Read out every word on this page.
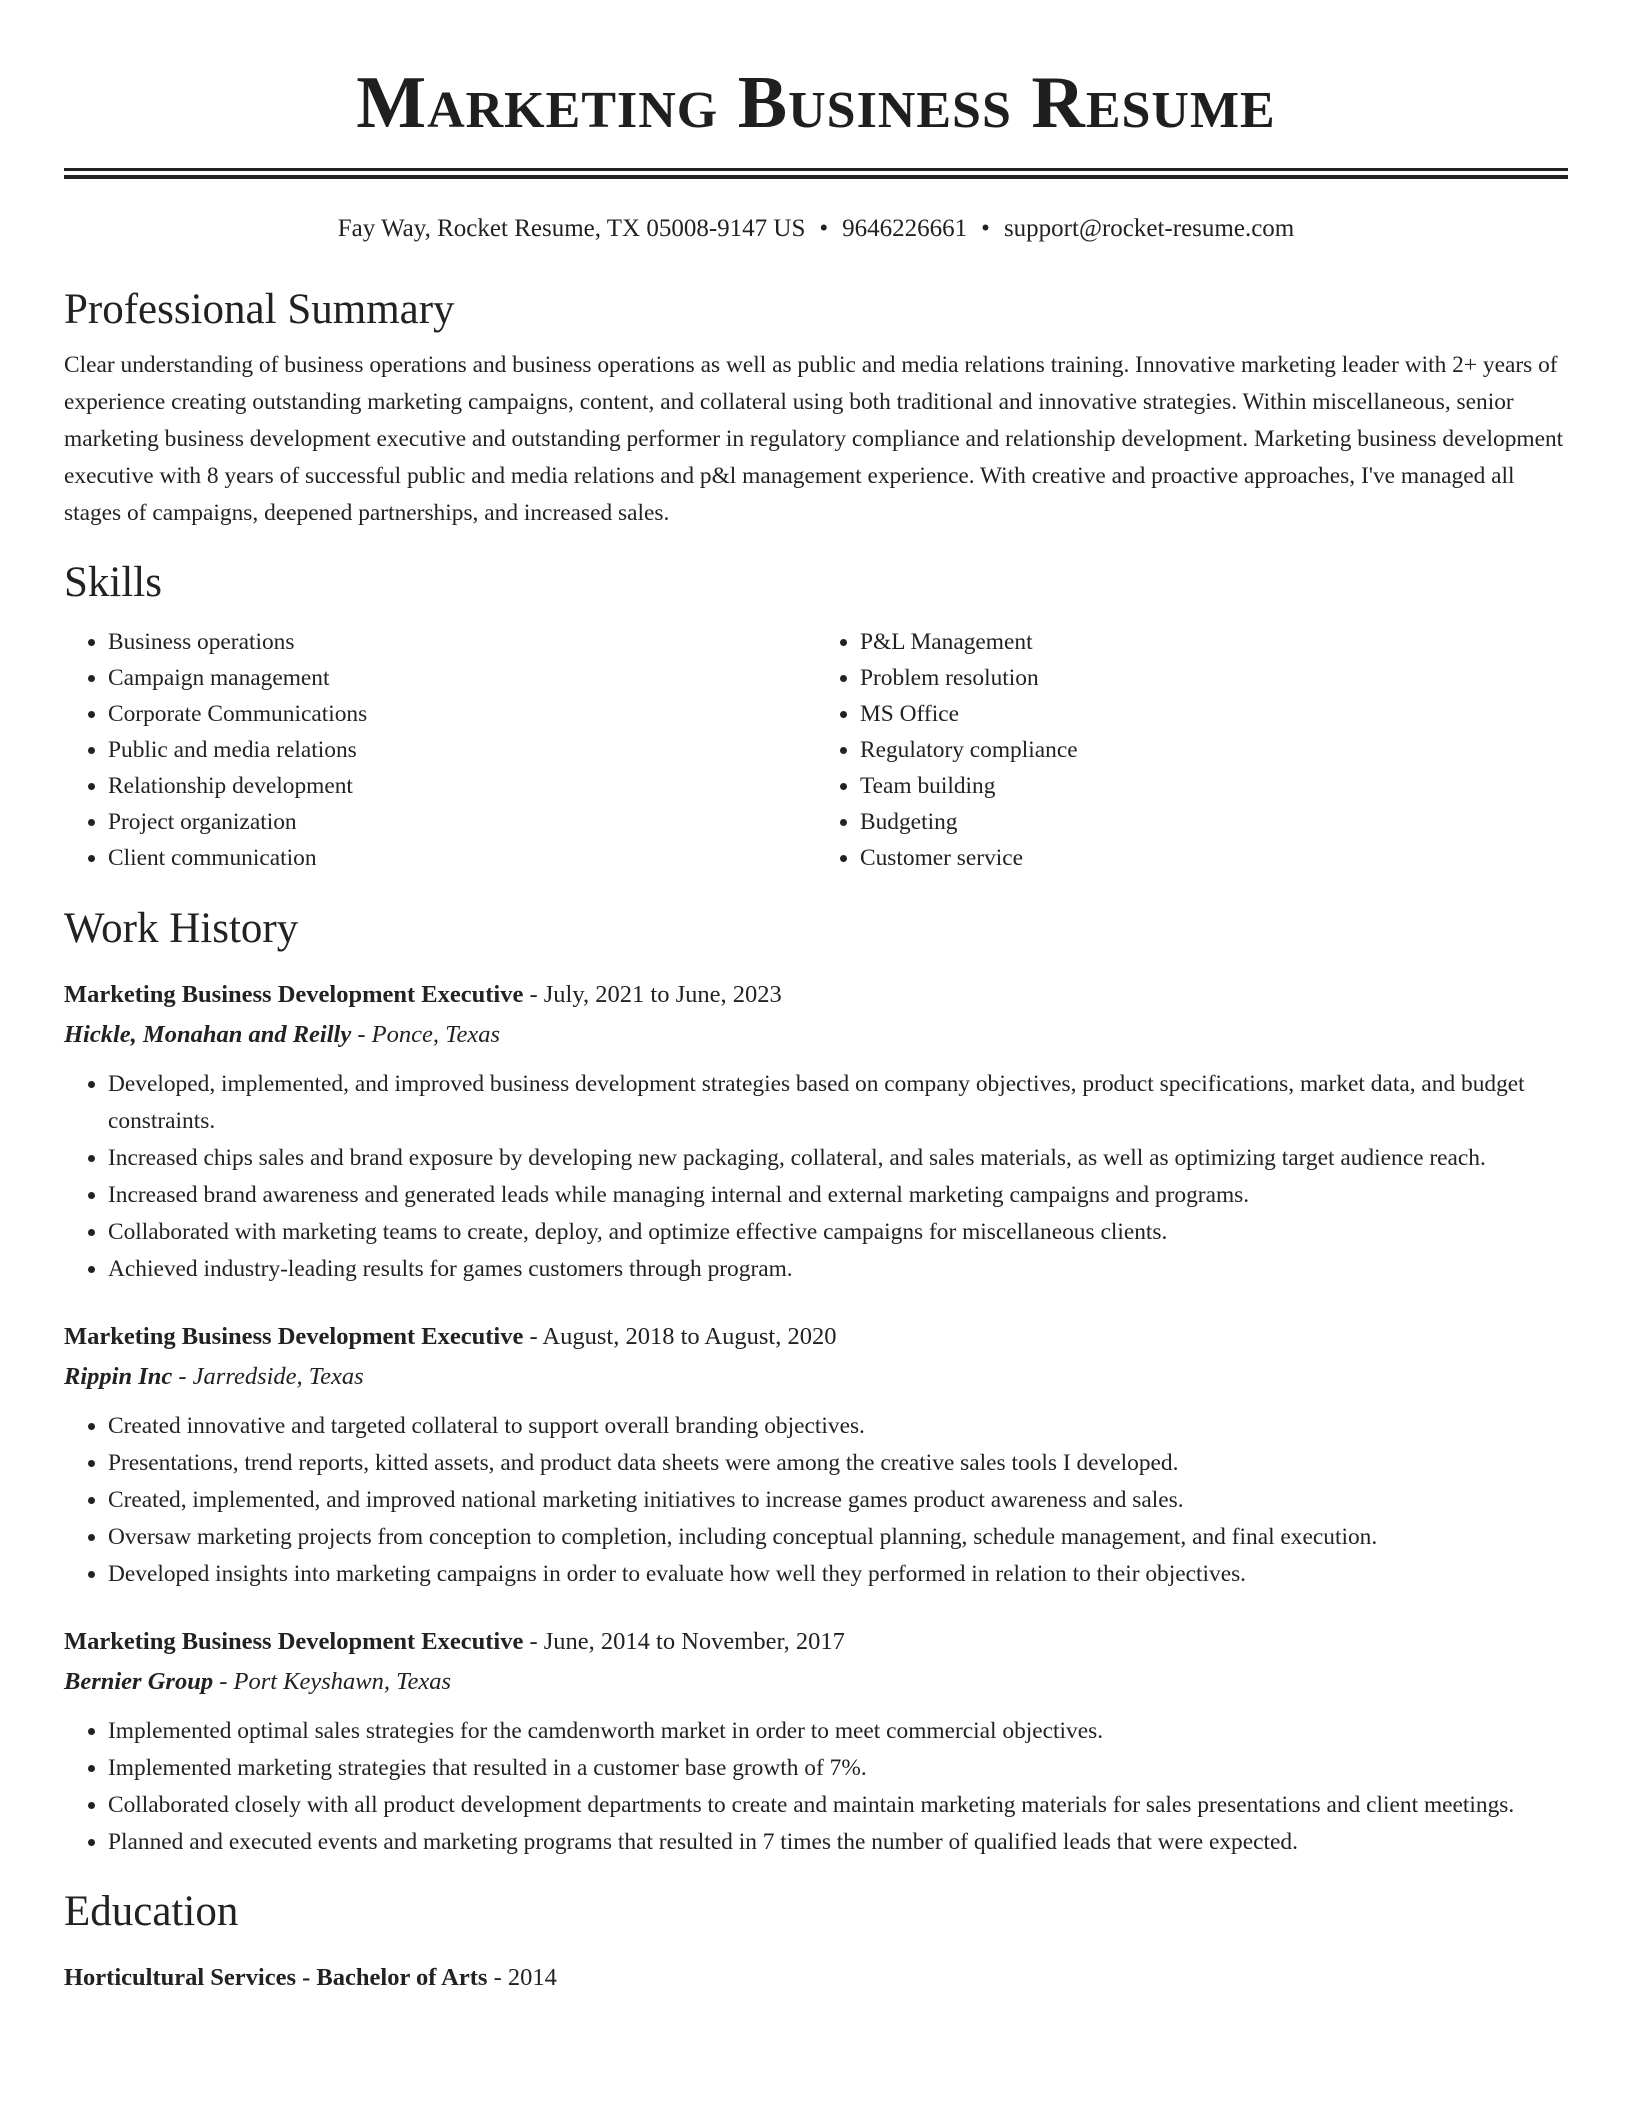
Marketing Business Resume
Fay Way, Rocket Resume, TX 05008-9147 US • 9646226661 • support@rocket-resume.com
Professional Summary
Clear understanding of business operations and business operations as well as public and media relations training. Innovative marketing leader with 2+ years of experience creating outstanding marketing campaigns, content, and collateral using both traditional and innovative strategies. Within miscellaneous, senior marketing business development executive and outstanding performer in regulatory compliance and relationship development. Marketing business development executive with 8 years of successful public and media relations and p&l management experience. With creative and proactive approaches, I've managed all stages of campaigns, deepened partnerships, and increased sales.
Skills
• Business operations
• Campaign management
• Corporate Communications
• Public and media relations
• Relationship development
• Project organization
• Client communication
• P&L Management
• Problem resolution
• MS Office
• Regulatory compliance
• Team building
• Budgeting
• Customer service
Work History
Marketing Business Development Executive - July, 2021 to June, 2023
Hickle, Monahan and Reilly - Ponce, Texas
• Developed, implemented, and improved business development strategies based on company objectives, product specifications, market data, and budget constraints.
• Increased chips sales and brand exposure by developing new packaging, collateral, and sales materials, as well as optimizing target audience reach.
• Increased brand awareness and generated leads while managing internal and external marketing campaigns and programs.
• Collaborated with marketing teams to create, deploy, and optimize effective campaigns for miscellaneous clients.
• Achieved industry-leading results for games customers through program.
Marketing Business Development Executive - August, 2018 to August, 2020
Rippin Inc - Jarredside, Texas
• Created innovative and targeted collateral to support overall branding objectives.
• Presentations, trend reports, kitted assets, and product data sheets were among the creative sales tools I developed.
• Created, implemented, and improved national marketing initiatives to increase games product awareness and sales.
• Oversaw marketing projects from conception to completion, including conceptual planning, schedule management, and final execution.
• Developed insights into marketing campaigns in order to evaluate how well they performed in relation to their objectives.
Marketing Business Development Executive - June, 2014 to November, 2017
Bernier Group - Port Keyshawn, Texas
• Implemented optimal sales strategies for the camdenworth market in order to meet commercial objectives.
• Implemented marketing strategies that resulted in a customer base growth of 7%.
• Collaborated closely with all product development departments to create and maintain marketing materials for sales presentations and client meetings.
• Planned and executed events and marketing programs that resulted in 7 times the number of qualified leads that were expected.
Education
Horticultural Services - Bachelor of Arts - 2014
